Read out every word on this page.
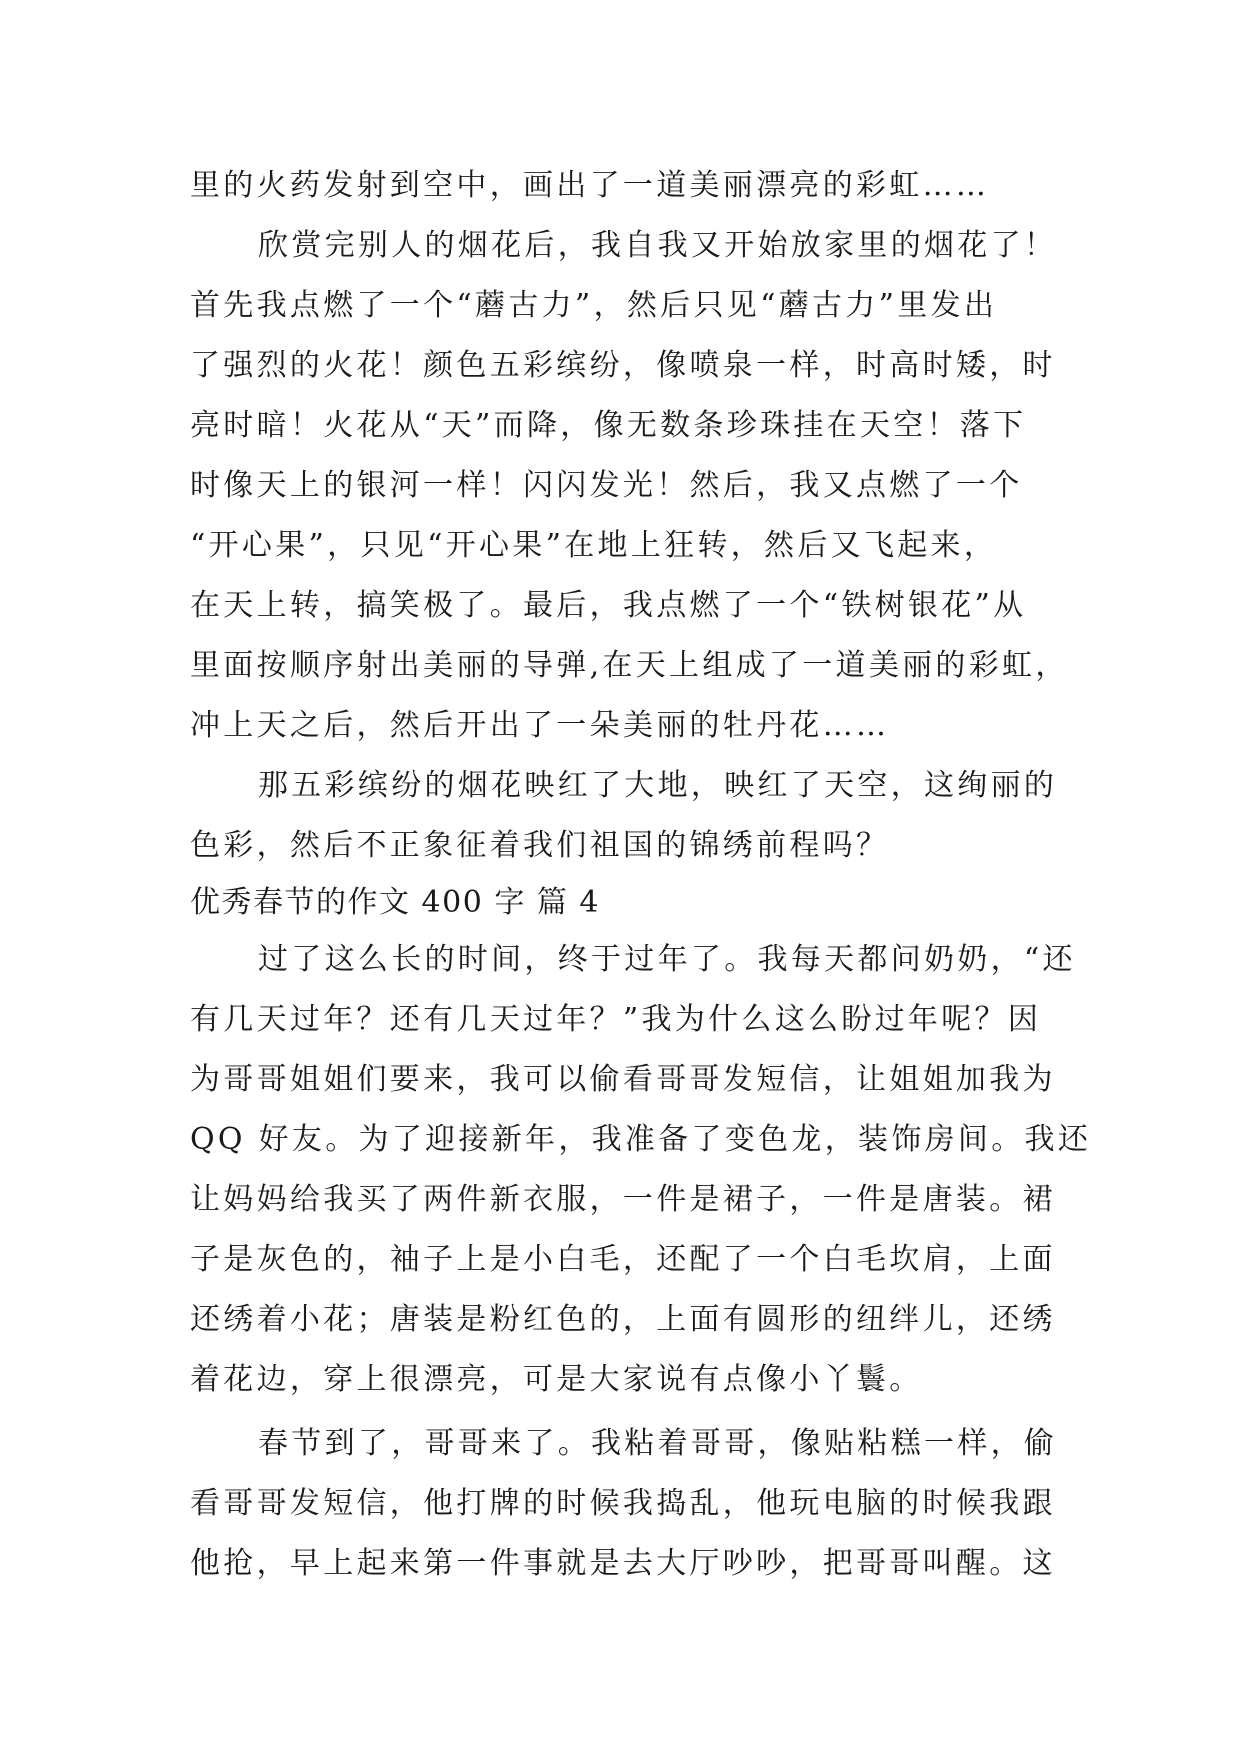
里的火药发射到空中，画出了一道美丽漂亮的彩虹……
欣赏完别人的烟花后，我自我又开始放家里的烟花了！
首先我点燃了一个“蘑古力”，然后只见“蘑古力”里发出
了强烈的火花！颜色五彩缤纷，像喷泉一样，时高时矮，时
亮时暗！火花从“天”而降，像无数条珍珠挂在天空！落下
时像天上的银河一样！闪闪发光！然后，我又点燃了一个
“开心果”，只见“开心果”在地上狂转，然后又飞起来，
在天上转，搞笑极了。最后，我点燃了一个“铁树银花”从
里面按顺序射出美丽的导弹,在天上组成了一道美丽的彩虹，
冲上天之后，然后开出了一朵美丽的牡丹花……
那五彩缤纷的烟花映红了大地，映红了天空，这绚丽的
色彩，然后不正象征着我们祖国的锦绣前程吗？
优秀春节的作文 400 字 篇 4
过了这么长的时间，终于过年了。我每天都问奶奶，“还
有几天过年？还有几天过年？”我为什么这么盼过年呢？因
为哥哥姐姐们要来，我可以偷看哥哥发短信，让姐姐加我为
QQ 好友。为了迎接新年，我准备了变色龙，装饰房间。我还
让妈妈给我买了两件新衣服，一件是裙子，一件是唐装。裙
子是灰色的，袖子上是小白毛，还配了一个白毛坎肩，上面
还绣着小花；唐装是粉红色的，上面有圆形的纽绊儿，还绣
着花边，穿上很漂亮，可是大家说有点像小丫鬟。
春节到了，哥哥来了。我粘着哥哥，像贴粘糕一样，偷
看哥哥发短信，他打牌的时候我捣乱，他玩电脑的时候我跟
他抢，早上起来第一件事就是去大厅吵吵，把哥哥叫醒。这
